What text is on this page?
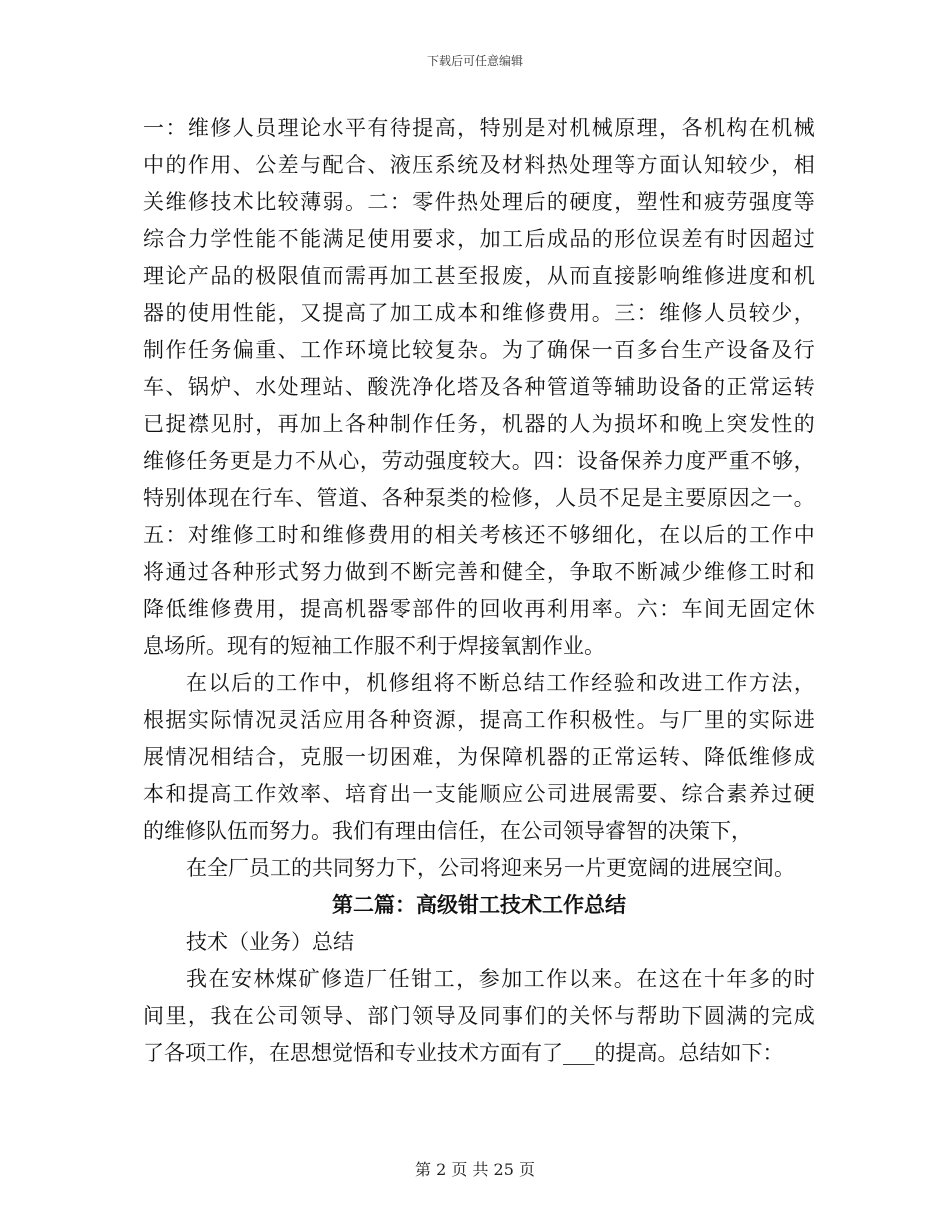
下载后可任意编辑
一 ： 维 修 人 员 理 论 水 平 有 待 提 高 ， 特 别 是 对 机 械 原 理 ， 各 机 构 在 机 械
中 的 作 用 、 公 差 与 配 合 、 液 压 系 统 及 材 料 热 处 理 等 方 面 认 知 较 少 ， 相
关 维 修 技 术 比 较 薄 弱 。 二 ： 零 件 热 处 理 后 的 硬 度 ， 塑 性 和 疲 劳 强 度 等
综 合 力 学 性 能 不 能 满 足 使 用 要 求 ， 加 工 后 成 品 的 形 位 误 差 有 时 因 超 过
理 论 产 品 的 极 限 值 而 需 再 加 工 甚 至 报 废 ， 从 而 直 接 影 响 维 修 进 度 和 机
器 的 使 用 性 能 ， 又 提 高 了 加 工 成 本 和 维 修 费 用 。 三 ： 维 修 人 员 较 少 ，
制 作 任 务 偏 重 、 工 作 环 境 比 较 复 杂 。 为 了 确 保 一 百 多 台 生 产 设 备 及 行
车 、 锅 炉 、 水 处 理 站 、 酸 洗 净 化 塔 及 各 种 管 道 等 辅 助 设 备 的 正 常 运 转
已 捉 襟 见 肘 ， 再 加 上 各 种 制 作 任 务 ， 机 器 的 人 为 损 坏 和 晚 上 突 发 性 的
维 修 任 务 更 是 力 不 从 心 ， 劳 动 强 度 较 大 。 四 ： 设 备 保 养 力 度 严 重 不 够 ，
特 别 体 现 在 行 车 、 管 道 、 各 种 泵 类 的 检 修 ， 人 员 不 足 是 主 要 原 因 之 一 。
五 ： 对 维 修 工 时 和 维 修 费 用 的 相 关 考 核 还 不 够 细 化 ， 在 以 后 的 工 作 中
将 通 过 各 种 形 式 努 力 做 到 不 断 完 善 和 健 全 ， 争 取 不 断 减 少 维 修 工 时 和
降 低 维 修 费 用 ， 提 高 机 器 零 部 件 的 回 收 再 利 用 率 。 六 ： 车 间 无 固 定 休
息场所。现有的短袖工作服不利于焊接氧割作业。
在 以 后 的 工 作 中 ， 机 修 组 将 不 断 总 结 工 作 经 验 和 改 进 工 作 方 法 ，
根 据 实 际 情 况 灵 活 应 用 各 种 资 源 ， 提 高 工 作 积 极 性 。 与 厂 里 的 实 际 进
展 情 况 相 结 合 ， 克 服 一 切 困 难 ， 为 保 障 机 器 的 正 常 运 转 、 降 低 维 修 成
本 和 提 高 工 作 效 率 、 培 育 出 一 支 能 顺 应 公 司 进 展 需 要 、 综 合 素 养 过 硬
的维修队伍而努力。我们有理由信任，在公司领导睿智的决策下，
在全厂员工的共同努力下，公司将迎来另一片更宽阔的进展空间。
第二篇：高级钳工技术工作总结
技术（业务）总结
我 在 安 林 煤 矿 修 造 厂 任 钳 工 ， 参 加 工 作 以 来 。 在 这 在 十 年 多 的 时
间 里 ， 我 在 公 司 领 导 、 部 门 领 导 及 同 事 们 的 关 怀 与 帮 助 下 圆 满 的 完 成
了各项工作，在思想觉悟和专业技术方面有了___的提高。总结如下：
第 2 页 共 25 页
